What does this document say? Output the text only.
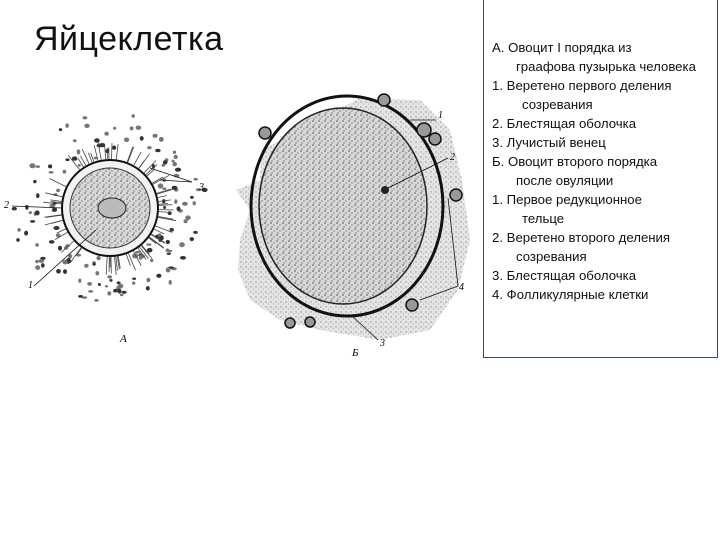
Яйцеклетка
3
2
1
А
1
2
3
4
Б
А. Овоцит I порядка из
граафова пузырька человека
1. Веретено первого деления
созревания
2. Блестящая оболочка
3. Лучистый венец
Б. Овоцит второго порядка
после овуляции
1. Первое редукционное
тельце
2. Веретено второго деления
созревания
3. Блестящая оболочка
4. Фолликулярные клетки
